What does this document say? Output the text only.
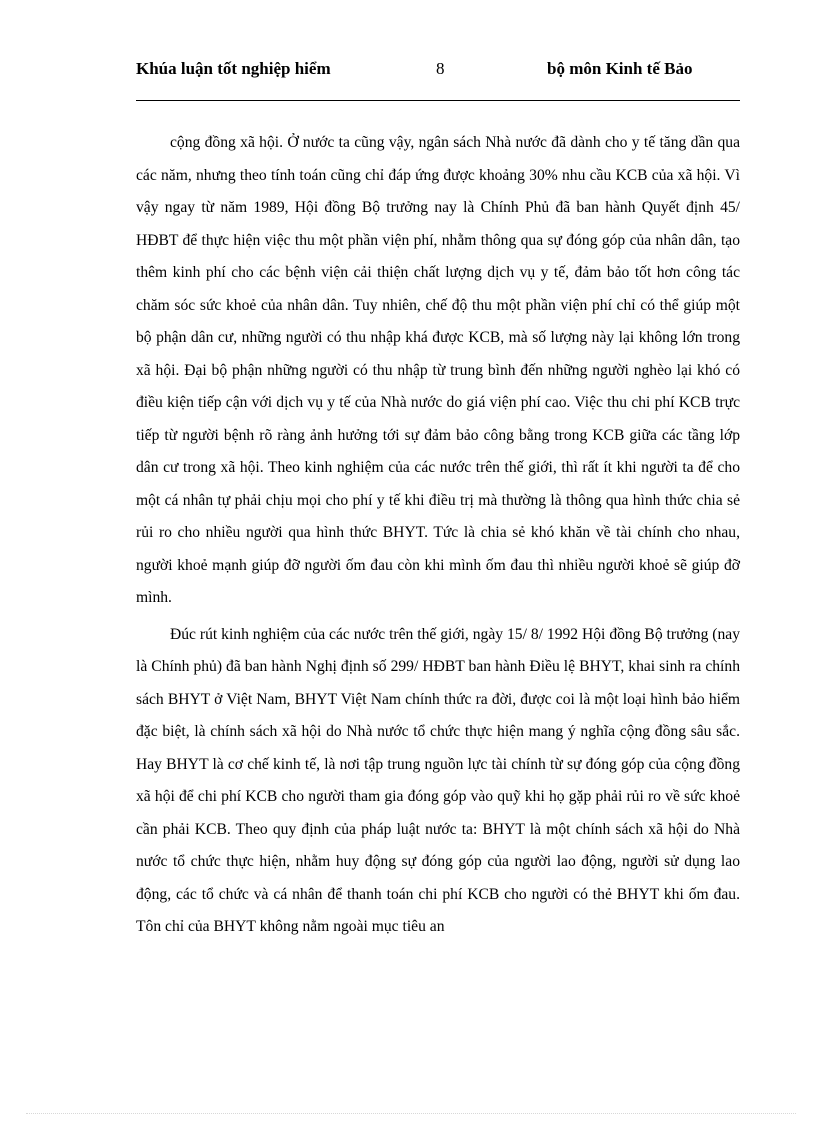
Khúa luận tốt nghiệp hiểm	8	bộ môn Kinh tế Bảo

cộng đồng xã hội. Ở nước ta cũng vậy, ngân sách Nhà nước đã dành cho y tế tăng dần qua các năm, nhưng theo tính toán cũng chỉ đáp ứng được khoảng 30% nhu cầu KCB của xã hội. Vì vậy ngay từ năm 1989, Hội đồng Bộ trưởng nay là Chính Phủ đã ban hành Quyết định 45/ HĐBT để thực hiện việc thu một phần viện phí, nhằm thông qua sự đóng góp của nhân dân, tạo thêm kinh phí cho các bệnh viện cải thiện chất lượng dịch vụ y tế, đảm bảo tốt hơn công tác chăm sóc sức khoẻ của nhân dân. Tuy nhiên, chế độ thu một phần viện phí chỉ có thể giúp một bộ phận dân cư, những người có thu nhập khá được KCB, mà số lượng này lại không lớn trong xã hội. Đại bộ phận những người có thu nhập từ trung bình đến những người nghèo lại khó có điều kiện tiếp cận với dịch vụ y tế của Nhà nước do giá viện phí cao. Việc thu chi phí KCB trực tiếp từ người bệnh rõ ràng ảnh hưởng tới sự đảm bảo công bằng trong KCB giữa các tầng lớp dân cư trong xã hội. Theo kinh nghiệm của các nước trên thế giới, thì rất ít khi người ta để cho một cá nhân tự phải chịu mọi cho phí y tế khi điều trị mà thường là thông qua hình thức chia sẻ rủi ro cho nhiều người qua hình thức BHYT. Tức là chia sẻ khó khăn về tài chính cho nhau, người khoẻ mạnh giúp đỡ người ốm đau còn khi mình ốm đau thì nhiều người khoẻ sẽ giúp đỡ mình.

Đúc rút kinh nghiệm của các nước trên thế giới, ngày 15/ 8/ 1992 Hội đồng Bộ trưởng (nay là Chính phủ) đã ban hành Nghị định số 299/ HĐBT ban hành Điều lệ BHYT, khai sinh ra chính sách BHYT ở Việt Nam, BHYT Việt Nam chính thức ra đời, được coi là một loại hình bảo hiểm đặc biệt, là chính sách xã hội do Nhà nước tổ chức thực hiện mang ý nghĩa cộng đồng sâu sắc. Hay BHYT là cơ chế kinh tế, là nơi tập trung nguồn lực tài chính từ sự đóng góp của cộng đồng xã hội để chi phí KCB cho người tham gia đóng góp vào quỹ khi họ gặp phải rủi ro về sức khoẻ cần phải KCB. Theo quy định của pháp luật nước ta: BHYT là một chính sách xã hội do Nhà nước tổ chức thực hiện, nhằm huy động sự đóng góp của người lao động, người sử dụng lao động, các tổ chức và cá nhân để thanh toán chi phí KCB cho người có thẻ BHYT khi ốm đau. Tôn chỉ của BHYT không nằm ngoài mục tiêu an
